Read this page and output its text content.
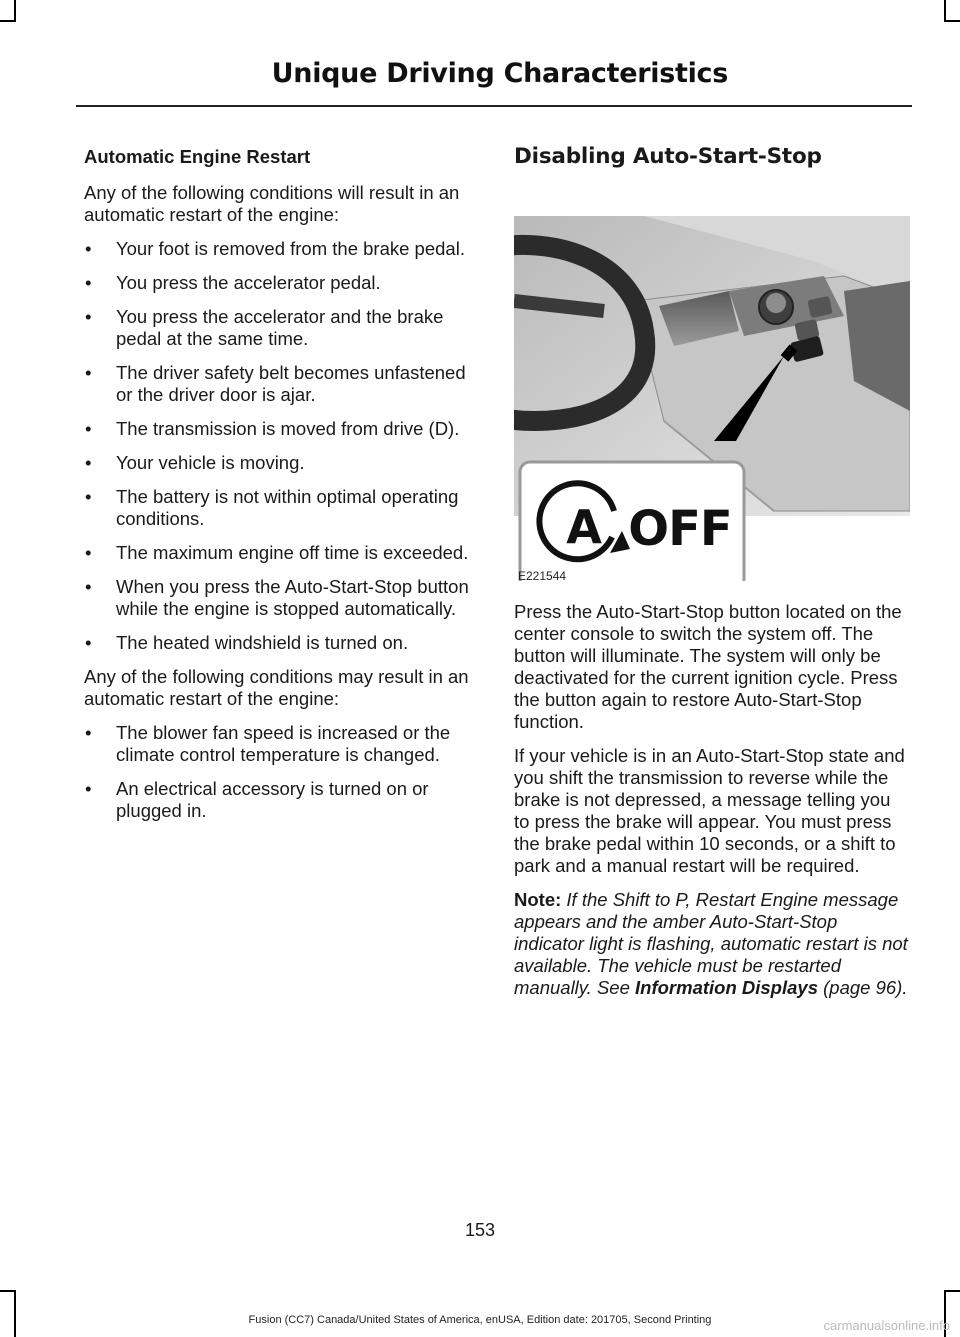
Unique Driving Characteristics
Automatic Engine Restart

Any of the following conditions will result in an automatic restart of the engine:

• Your foot is removed from the brake pedal.
• You press the accelerator pedal.
• You press the accelerator and the brake pedal at the same time.
• The driver safety belt becomes unfastened or the driver door is ajar.
• The transmission is moved from drive (D).
• Your vehicle is moving.
• The battery is not within optimal operating conditions.
• The maximum engine off time is exceeded.
• When you press the Auto-Start-Stop button while the engine is stopped automatically.
• The heated windshield is turned on.

Any of the following conditions may result in an automatic restart of the engine:

• The blower fan speed is increased or the climate control temperature is changed.
• An electrical accessory is turned on or plugged in.
Disabling Auto-Start-Stop
A OFF
E221544

Press the Auto-Start-Stop button located on the center console to switch the system off. The button will illuminate. The system will only be deactivated for the current ignition cycle. Press the button again to restore Auto-Start-Stop function.

If your vehicle is in an Auto-Start-Stop state and you shift the transmission to reverse while the brake is not depressed, a message telling you to press the brake will appear. You must press the brake pedal within 10 seconds, or a shift to park and a manual restart will be required.

Note: If the Shift to P, Restart Engine message appears and the amber Auto-Start-Stop indicator light is flashing, automatic restart is not available. The vehicle must be restarted manually. See Information Displays (page 96).

153
Fusion (CC7) Canada/United States of America, enUSA, Edition date: 201705, Second Printing	carmanualsonline.info
